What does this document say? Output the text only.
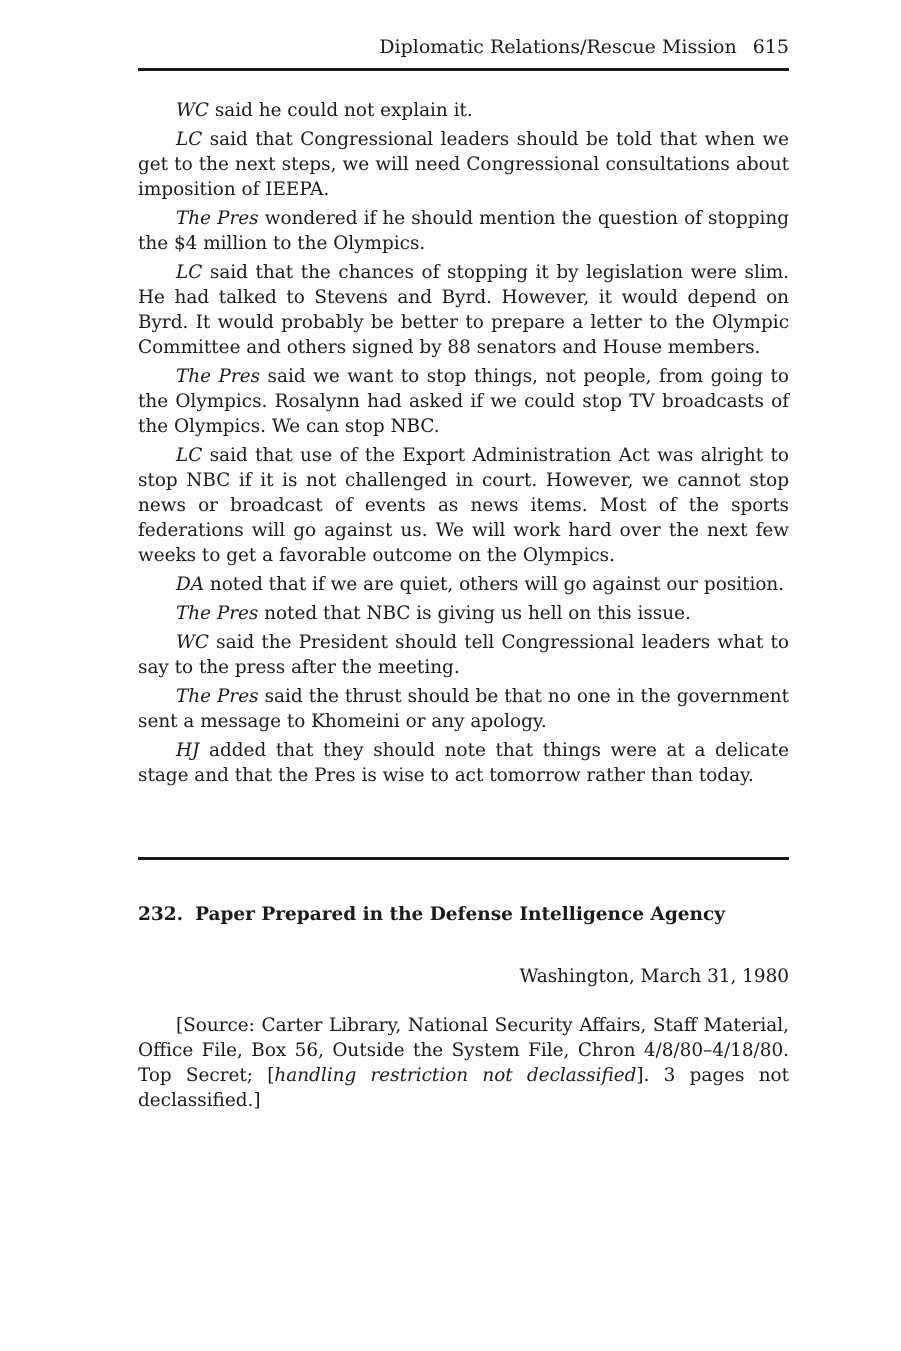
Diplomatic Relations/Rescue Mission 615

WC said he could not explain it.

LC said that Congressional leaders should be told that when we get to the next steps, we will need Congressional consultations about imposition of IEEPA.

The Pres wondered if he should mention the question of stopping the $4 million to the Olympics.

LC said that the chances of stopping it by legislation were slim. He had talked to Stevens and Byrd. However, it would depend on Byrd. It would probably be better to prepare a letter to the Olympic Committee and others signed by 88 senators and House members.

The Pres said we want to stop things, not people, from going to the Olympics. Rosalynn had asked if we could stop TV broadcasts of the Olympics. We can stop NBC.

LC said that use of the Export Administration Act was alright to stop NBC if it is not challenged in court. However, we cannot stop news or broadcast of events as news items. Most of the sports federations will go against us. We will work hard over the next few weeks to get a favorable outcome on the Olympics.

DA noted that if we are quiet, others will go against our position.

The Pres noted that NBC is giving us hell on this issue.

WC said the President should tell Congressional leaders what to say to the press after the meeting.

The Pres said the thrust should be that no one in the government sent a message to Khomeini or any apology.

HJ added that they should note that things were at a delicate stage and that the Pres is wise to act tomorrow rather than today.

232. Paper Prepared in the Defense Intelligence Agency
Washington, March 31, 1980

[Source: Carter Library, National Security Affairs, Staff Material, Office File, Box 56, Outside the System File, Chron 4/8/80–4/18/80. Top Secret; [handling restriction not declassified]. 3 pages not declassified.]
